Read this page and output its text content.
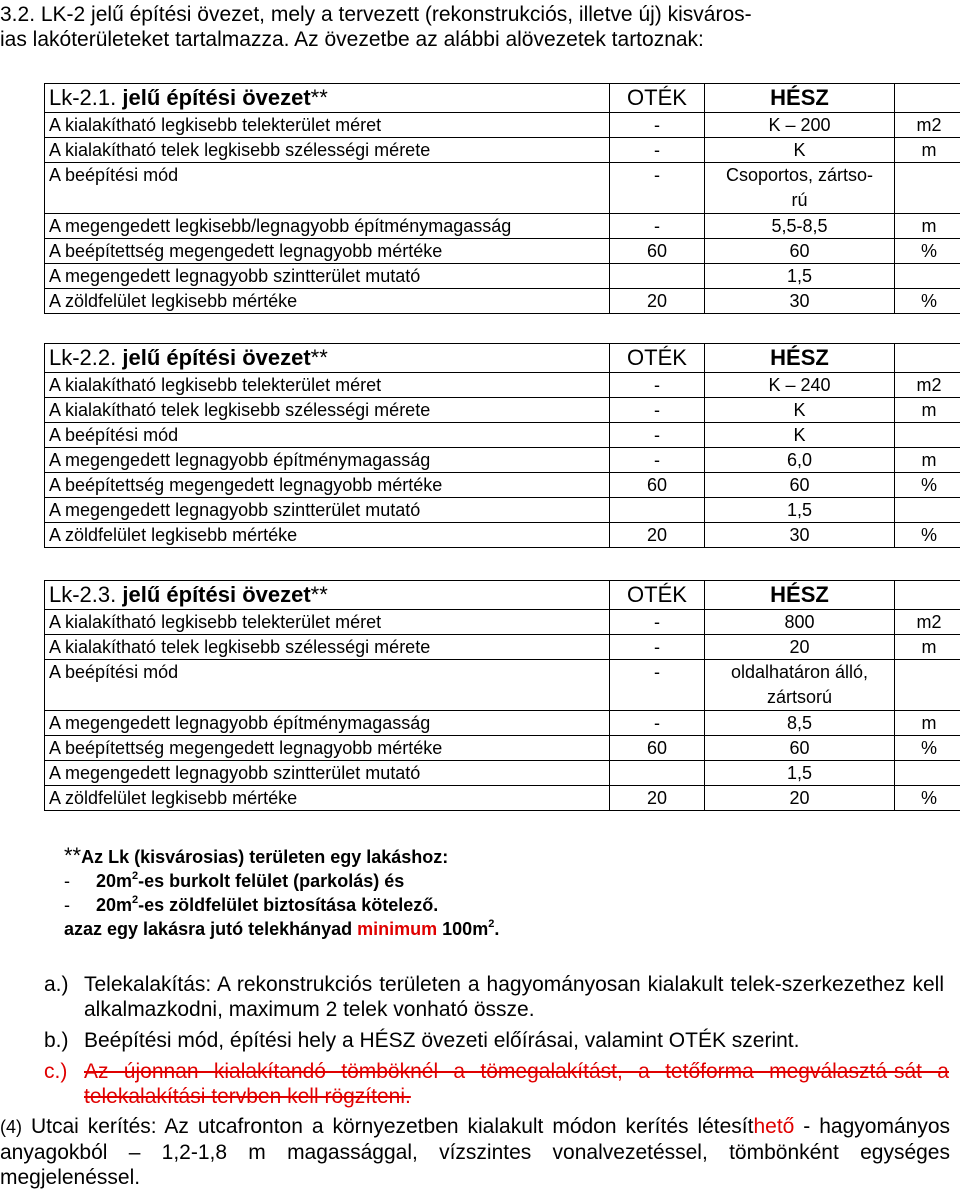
3.2. LK-2 jelű építési övezet, mely a tervezett (rekonstrukciós, illetve új) kisváros-
ias lakóterületeket tartalmazza. Az övezetbe az alábbi alövezetek tartoznak:
Lk-2.1. jelű építési övezet**	OTÉK	HÉSZ	
A kialakítható legkisebb telekterület méret	-	K – 200	m2
A kialakítható telek legkisebb szélességi mérete	-	K	m
A beépítési mód	-	Csoportos, zártso-rú	
A megengedett legkisebb/legnagyobb építménymagasság	-	5,5-8,5	m
A beépítettség megengedett legnagyobb mértéke	60	60	%
A megengedett legnagyobb szintterület mutató		1,5	
A zöldfelület legkisebb mértéke	20	30	%
Lk-2.2. jelű építési övezet**	OTÉK	HÉSZ	
A kialakítható legkisebb telekterület méret	-	K – 240	m2
A kialakítható telek legkisebb szélességi mérete	-	K	m
A beépítési mód	-	K	
A megengedett legnagyobb építménymagasság	-	6,0	m
A beépítettség megengedett legnagyobb mértéke	60	60	%
A megengedett legnagyobb szintterület mutató		1,5	
A zöldfelület legkisebb mértéke	20	30	%
Lk-2.3. jelű építési övezet**	OTÉK	HÉSZ	
A kialakítható legkisebb telekterület méret	-	800	m2
A kialakítható telek legkisebb szélességi mérete	-	20	m
A beépítési mód	-	oldalhatáron álló, zártsorú	
A megengedett legnagyobb építménymagasság	-	8,5	m
A beépítettség megengedett legnagyobb mértéke	60	60	%
A megengedett legnagyobb szintterület mutató		1,5	
A zöldfelület legkisebb mértéke	20	20	%
**Az Lk (kisvárosias) területen egy lakáshoz:
- $20m^2-es$ burkolt felület (parkolás) és
- $20m^2-es$ zöldfelület biztosítása kötelező.
azaz egy lakásra jutó telekhányad minimum $100m^2$.
a.) Telekalakítás: A rekonstrukciós területen a hagyományosan kialakult telek-szerkezethez kell alkalmazkodni, maximum 2 telek vonható össze.
b.) Beépítési mód, építési hely a HÉSZ övezeti előírásai, valamint OTÉK szerint.
c.) Az újonnan kialakítandó tömböknél a tömegalakítást, a tetőforma megválasztá-sát a telekalakítási tervben kell rögzíteni.
(4) Utcai kerítés: Az utcafronton a környezetben kialakult módon kerítés létesíthető - hagyományos anyagokból – 1,2-1,8 m magassággal, vízszintes vonalvezetéssel, tömbönként egységes megjelenéssel.
